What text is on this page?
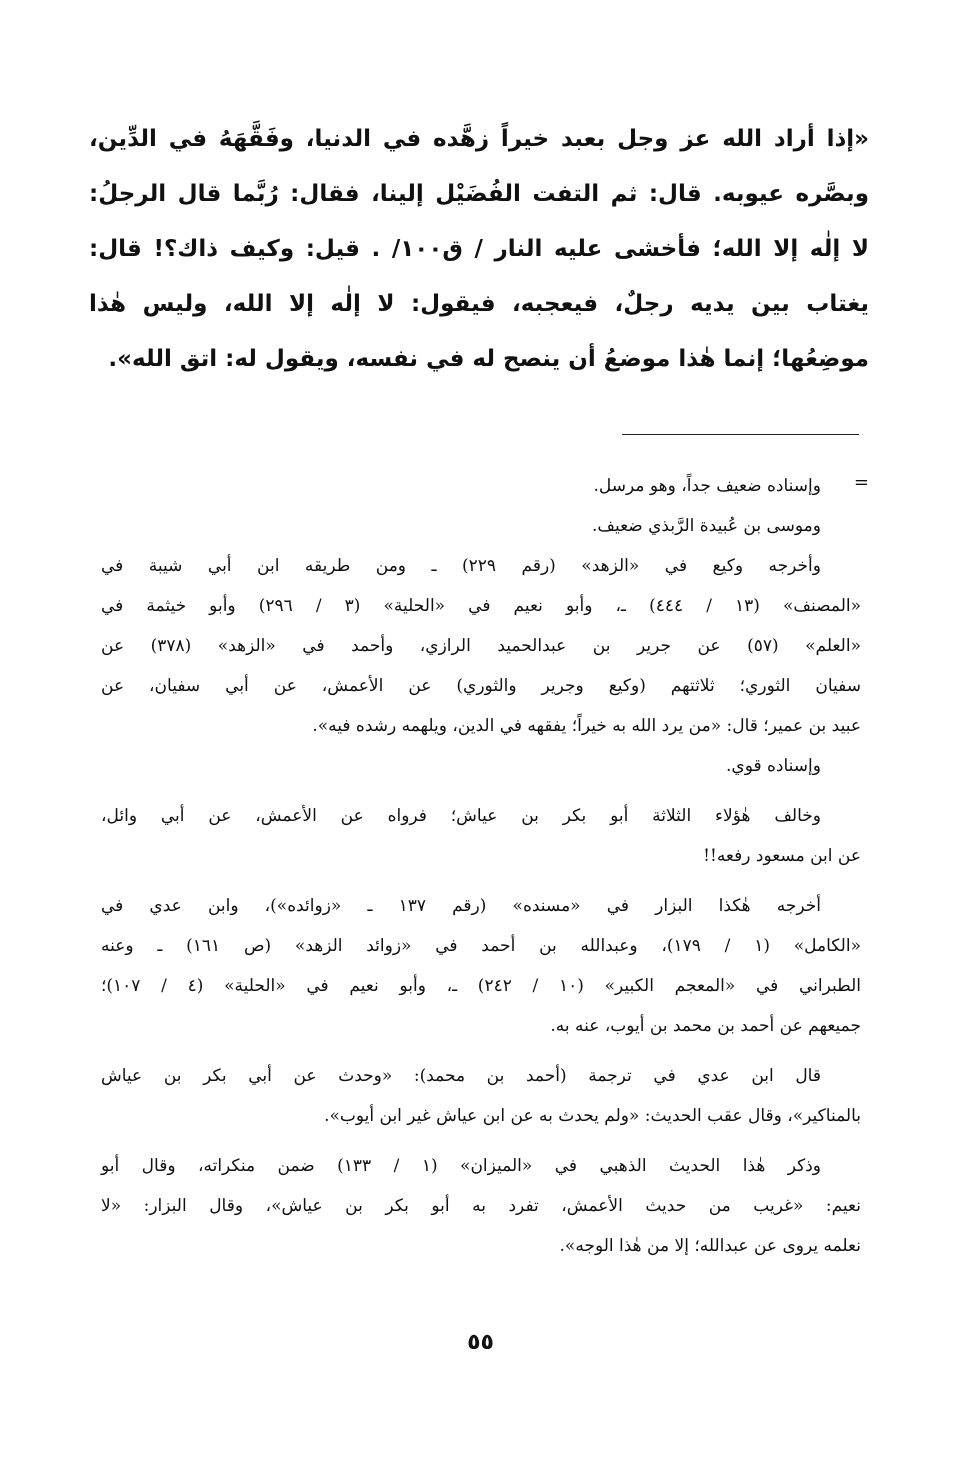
«إذا أراد الله عز وجل بعبد خيراً زهَّده في الدنيا، وفَقَّهَهُ في الدِّين،
وبصَّره عيوبه. قال: ثم التفت الفُضَيْل إلينا، فقال: رُبَّما قال الرجلُ:
لا إلٰه إلا الله؛ فأخشى عليه النار / ق١٠٠/ . قيل: وكيف ذاك؟! قال:
يغتاب بين يديه رجلٌ، فيعجبه، فيقول: لا إلٰه إلا الله، وليس هٰذا
موضِعُها؛ إنما هٰذا موضعُ أن ينصح له في نفسه، ويقول له: اتق الله».
=
وإسناده ضعيف جداً، وهو مرسل.
وموسى بن عُبيدة الرَّبذي ضعيف.
وأخرجه وكيع في «الزهد» (رقم ٢٢٩) ـ ومن طريقه ابن أبي شيبة في
«المصنف» (١٣ / ٤٤٤) ـ، وأبو نعيم في «الحلية» (٣ / ٢٩٦) وأبو خيثمة في
«العلم» (٥٧) عن جرير بن عبدالحميد الرازي، وأحمد في «الزهد» (٣٧٨) عن
سفيان الثوري؛ ثلاثتهم (وكيع وجرير والثوري) عن الأعمش، عن أبي سفيان، عن
عبيد بن عمير؛ قال: «من يرد الله به خيراً؛ يفقهه في الدين، ويلهمه رشده فيه».
وإسناده قوي.
وخالف هٰؤلاء الثلاثة أبو بكر بن عياش؛ فرواه عن الأعمش، عن أبي وائل،
عن ابن مسعود رفعه!!
أخرجه هٰكذا البزار في «مسنده» (رقم ١٣٧ ـ «زوائده»)، وابن عدي في
«الكامل» (١ / ١٧٩)، وعبدالله بن أحمد في «زوائد الزهد» (ص ١٦١) ـ وعنه
الطبراني في «المعجم الكبير» (١٠ / ٢٤٢) ـ، وأبو نعيم في «الحلية» (٤ / ١٠٧)؛
جميعهم عن أحمد بن محمد بن أيوب، عنه به.
قال ابن عدي في ترجمة (أحمد بن محمد): «وحدث عن أبي بكر بن عياش
بالمناكير»، وقال عقب الحديث: «ولم يحدث به عن ابن عياش غير ابن أيوب».
وذكر هٰذا الحديث الذهبي في «الميزان» (١ / ١٣٣) ضمن منكراته، وقال أبو
نعيم: «غريب من حديث الأعمش، تفرد به أبو بكر بن عياش»، وقال البزار: «لا
نعلمه يروى عن عبدالله؛ إلا من هٰذا الوجه».
٥٥
